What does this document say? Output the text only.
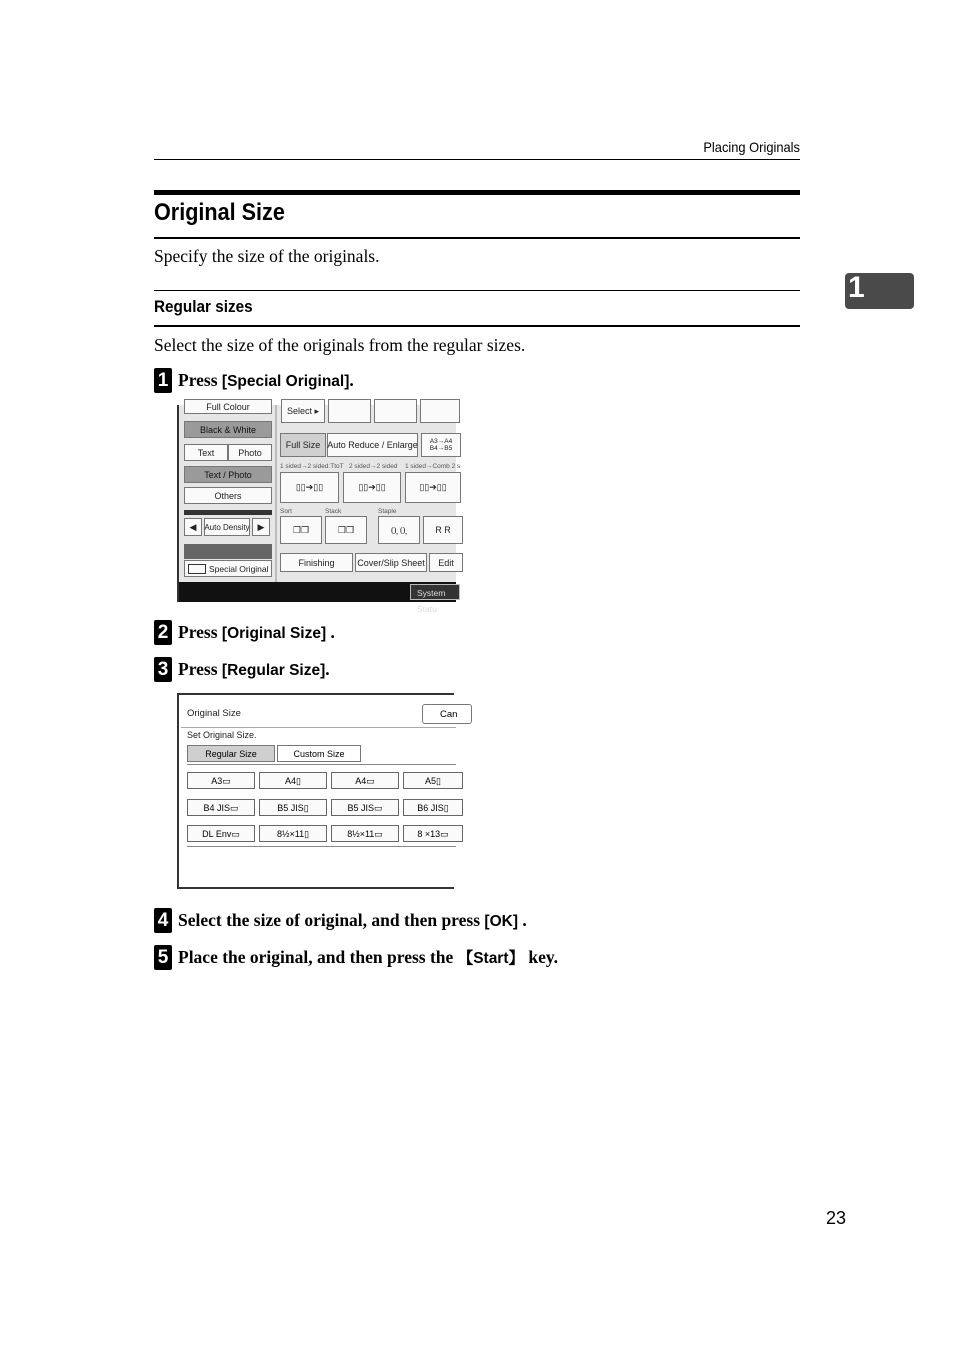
Placing Originals
Original Size
Specify the size of the originals.
Regular sizes
Select the size of the originals from the regular sizes.
1
1 Press [Special Original].
Full Colour	Select ▸
Black & White
Text	Photo
Text / Photo
Others
◀ Auto Density ▶
Special Original
Full Size Auto Reduce / Enlarge A3→A4
B4→B5
1 sided→2 sided:TtoT 2 sided→2 sided 1 sided→Comb 2 s
▯▯➔▯▯	▯▯➔▯▯	▯▯➔▯▯
Sort	Stack	Staple
❐❐	❐❐	🄁🄁	R R
Finishing	Cover/Slip Sheet	Edit
System Statu
2 Press [Original Size] .
3 Press [Regular Size].
Original Size	Can
Set Original Size.
Regular Size	Custom Size
A3▭	A4▯	A4▭	A5▯
B4 JIS▭	B5 JIS▯	B5 JIS▭	B6 JIS▯
DL Env▭	8½×11▯	8½×11▭	8 ×13▭
4 Select the size of original, and then press [OK] .
5 Place the original, and then press the 【Start】 key.
23
